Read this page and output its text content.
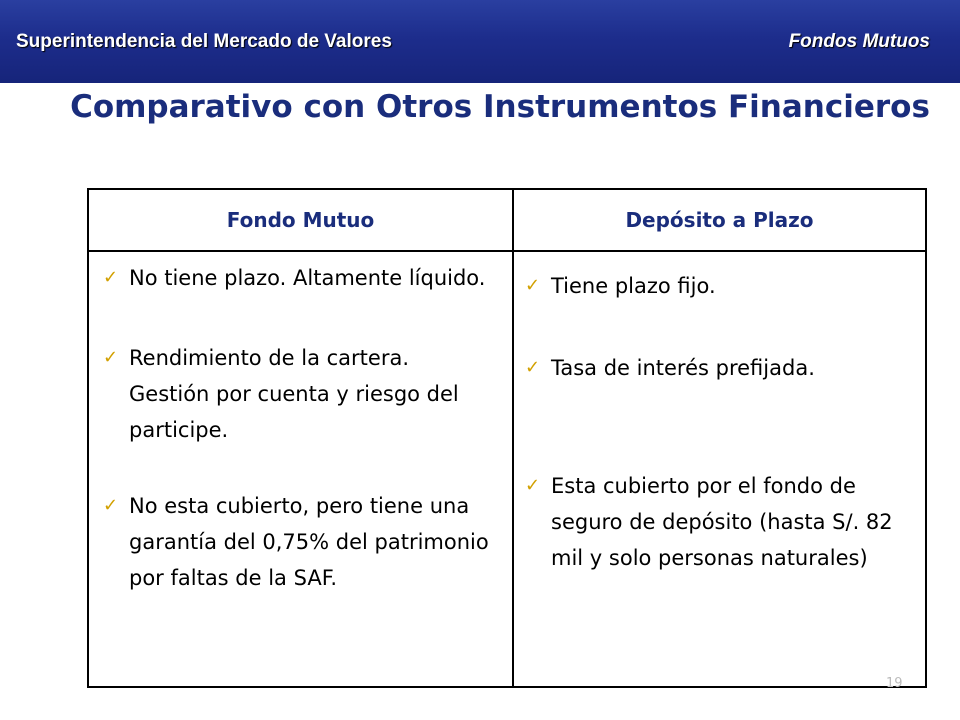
Superintendencia del Mercado de Valores	Fondos Mutuos
Comparativo con Otros Instrumentos Financieros
Fondo Mutuo	Depósito a Plazo
✓ No tiene plazo. Altamente líquido.
✓ Rendimiento de la cartera. Gestión por cuenta y riesgo del participe.
✓ No esta cubierto, pero tiene una garantía del 0,75% del patrimonio por faltas de la SAF.
✓ Tiene plazo fijo.
✓ Tasa de interés prefijada.
✓ Esta cubierto por el fondo de seguro de depósito (hasta S/. 82 mil y solo personas naturales)
19
